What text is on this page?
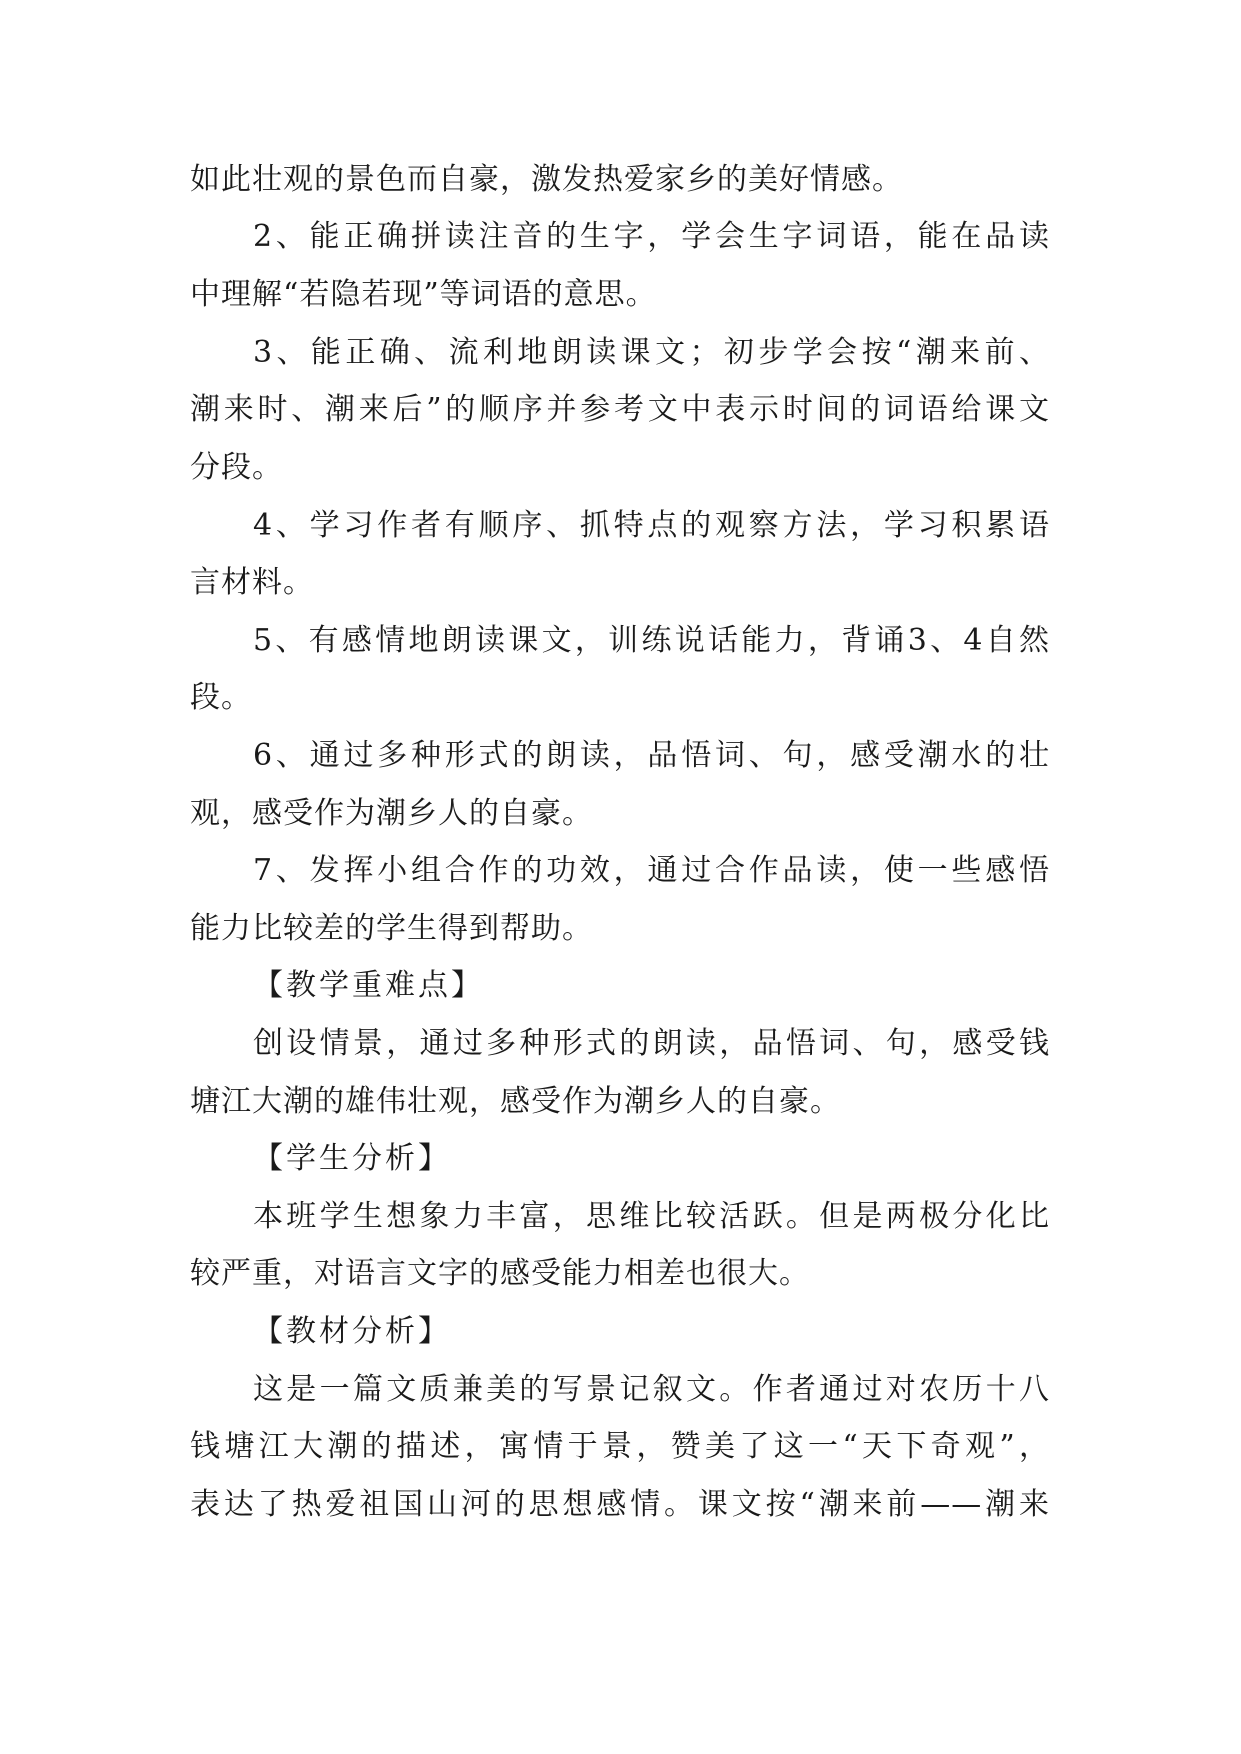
如此壮观的景色而自豪，激发热爱家乡的美好情感。
2、能正确拼读注音的生字，学会生字词语，能在品读
中理解“若隐若现”等词语的意思。
3、能正确、流利地朗读课文；初步学会按“潮来前、
潮来时、潮来后”的顺序并参考文中表示时间的词语给课文
分段。
4、学习作者有顺序、抓特点的观察方法，学习积累语
言材料。
5、有感情地朗读课文，训练说话能力，背诵3、4自然
段。
6、通过多种形式的朗读，品悟词、句，感受潮水的壮
观，感受作为潮乡人的自豪。
7、发挥小组合作的功效，通过合作品读，使一些感悟
能力比较差的学生得到帮助。
【教学重难点】
创设情景，通过多种形式的朗读，品悟词、句，感受钱
塘江大潮的雄伟壮观，感受作为潮乡人的自豪。
【学生分析】
本班学生想象力丰富，思维比较活跃。但是两极分化比
较严重，对语言文字的感受能力相差也很大。
【教材分析】
这是一篇文质兼美的写景记叙文。作者通过对农历十八
钱塘江大潮的描述，寓情于景，赞美了这一“天下奇观”，
表达了热爱祖国山河的思想感情。课文按“潮来前——潮来
